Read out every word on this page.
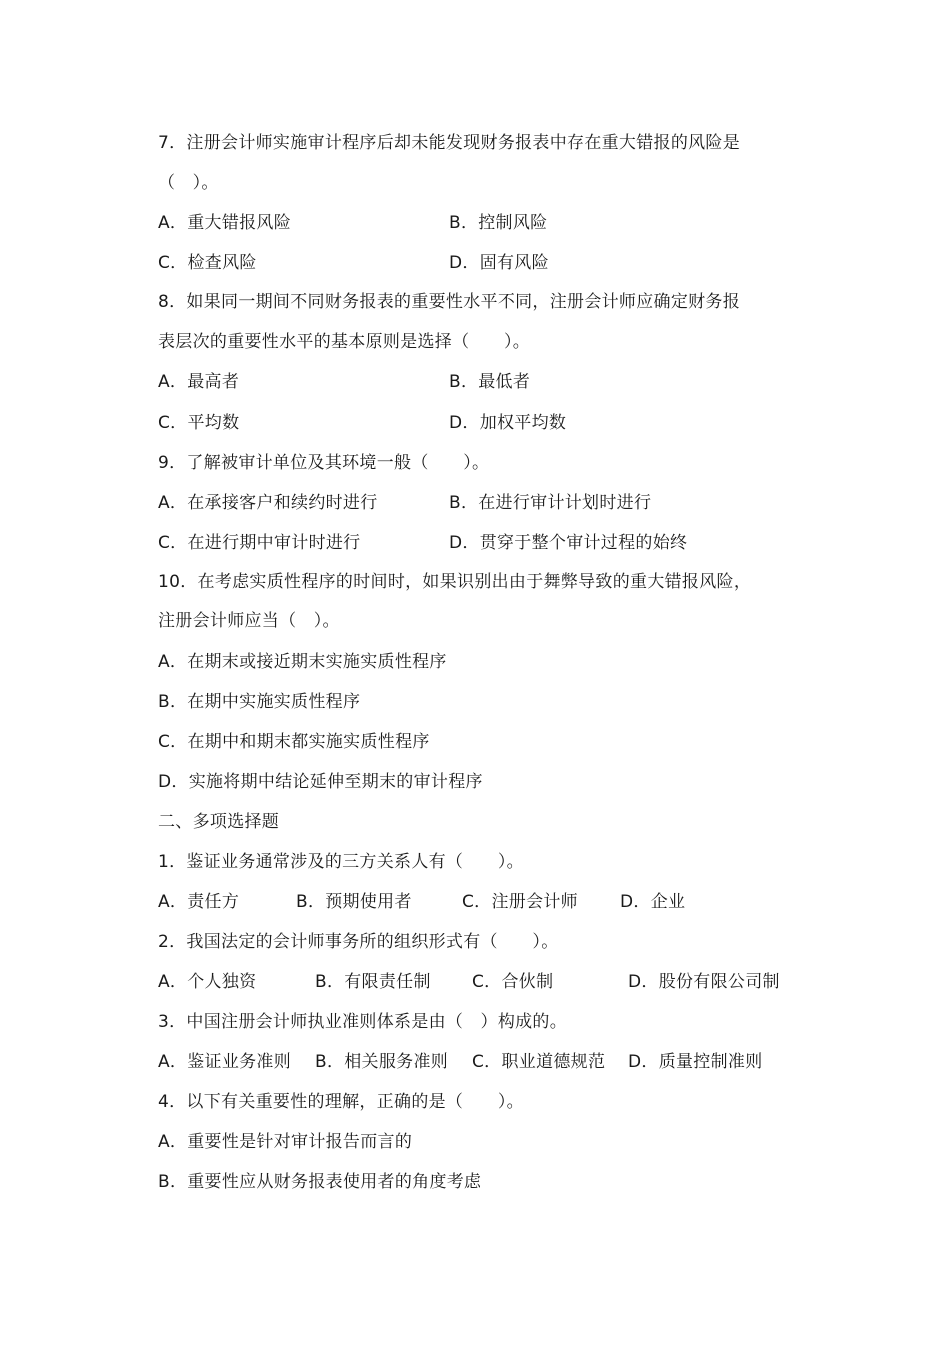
7．注册会计师实施审计程序后却未能发现财务报表中存在重大错报的风险是
（　）。
A．重大错报风险	B．控制风险
C．检查风险	D．固有风险
8．如果同一期间不同财务报表的重要性水平不同，注册会计师应确定财务报
表层次的重要性水平的基本原则是选择（　　）。
A．最高者	B．最低者
C．平均数	D．加权平均数
9．了解被审计单位及其环境一般（　　）。
A．在承接客户和续约时进行	B．在进行审计计划时进行
C．在进行期中审计时进行	D．贯穿于整个审计过程的始终
10．在考虑实质性程序的时间时，如果识别出由于舞弊导致的重大错报风险，
注册会计师应当（　）。
A．在期末或接近期末实施实质性程序
B．在期中实施实质性程序
C．在期中和期末都实施实质性程序
D．实施将期中结论延伸至期末的审计程序
二、多项选择题
1．鉴证业务通常涉及的三方关系人有（　　）。
A．责任方	B．预期使用者	C．注册会计师 D．企业
2．我国法定的会计师事务所的组织形式有（　　）。
A．个人独资	B．有限责任制 C．合伙制	D．股份有限公司制
3．中国注册会计师执业准则体系是由（　）构成的。
A．鉴证业务准则 B．相关服务准则 C．职业道德规范 D．质量控制准则
4．以下有关重要性的理解，正确的是（　　）。
A．重要性是针对审计报告而言的
B．重要性应从财务报表使用者的角度考虑
